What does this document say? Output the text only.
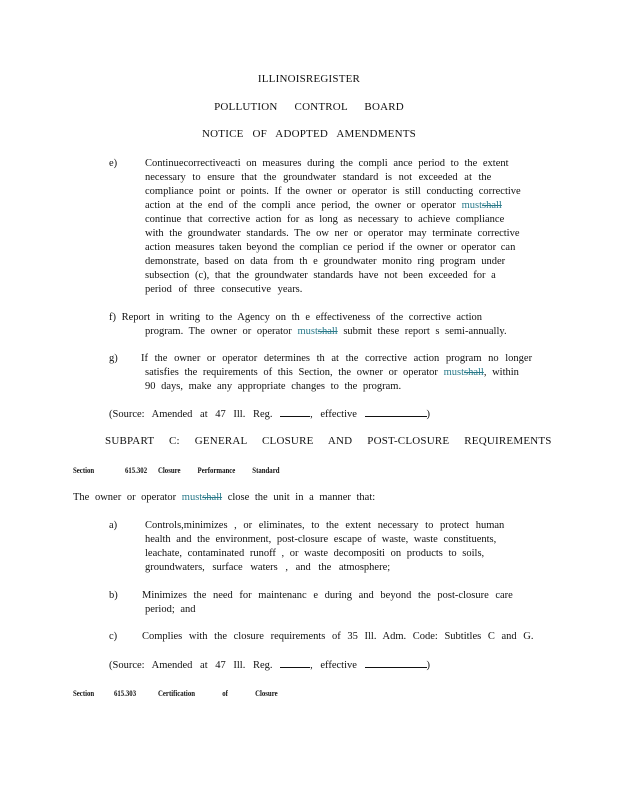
ILLINOISREGISTER
POLLUTION CONTROL BOARD
NOTICE OF ADOPTED AMENDMENTS
e)	Continuecorrectiveacti on measures during the compli ance period to the extent
necessary to ensure that the groundwater standard is not exceeded at the
compliance point or points. If the owner or operator is still conducting corrective
action at the end of the compli ance period, the owner or operator mustshall
continue that corrective action for as long as necessary to achieve compliance
with the groundwater standards. The ow ner or operator may terminate corrective
action measures taken beyond the complian ce period if the owner or operator can
demonstrate, based on data from th e groundwater monito ring program under
subsection (c), that the groundwater standards have not been exceeded for a
period of three consecutive years.
f) Report in writing to the Agency on th e effectiveness of the corrective action
program. The owner or operator mustshall submit these report s semi-annually.
g) If the owner or operator determines th at the corrective action program no longer
satisfies the requirements of this Section, the owner or operator mustshall, within
90 days, make any appropriate changes to the program.
(Source: Amended at 47 Ill. Reg.	, effective	)
SUBPART C: GENERAL CLOSURE AND POST-CLOSURE REQUIREMENTS
Section	615.302 Closure Performance Standard
The owner or operator mustshall close the unit in a manner that:
a)	Controls,minimizes , or eliminates, to the extent necessary to protect human
health and the environment, post-closure escape of waste, waste constituents,
leachate, contaminated runoff , or waste decompositi on products to soils,
groundwaters, surface waters , and the atmosphere;
b) Minimizes the need for maintenanc e during and beyond the post-closure care
period; and
c) Complies with the closure requirements of 35 Ill. Adm. Code: Subtitles C and G.
(Source: Amended at 47 Ill. Reg.	, effective	)
Section 615.303	Certification of Closure
